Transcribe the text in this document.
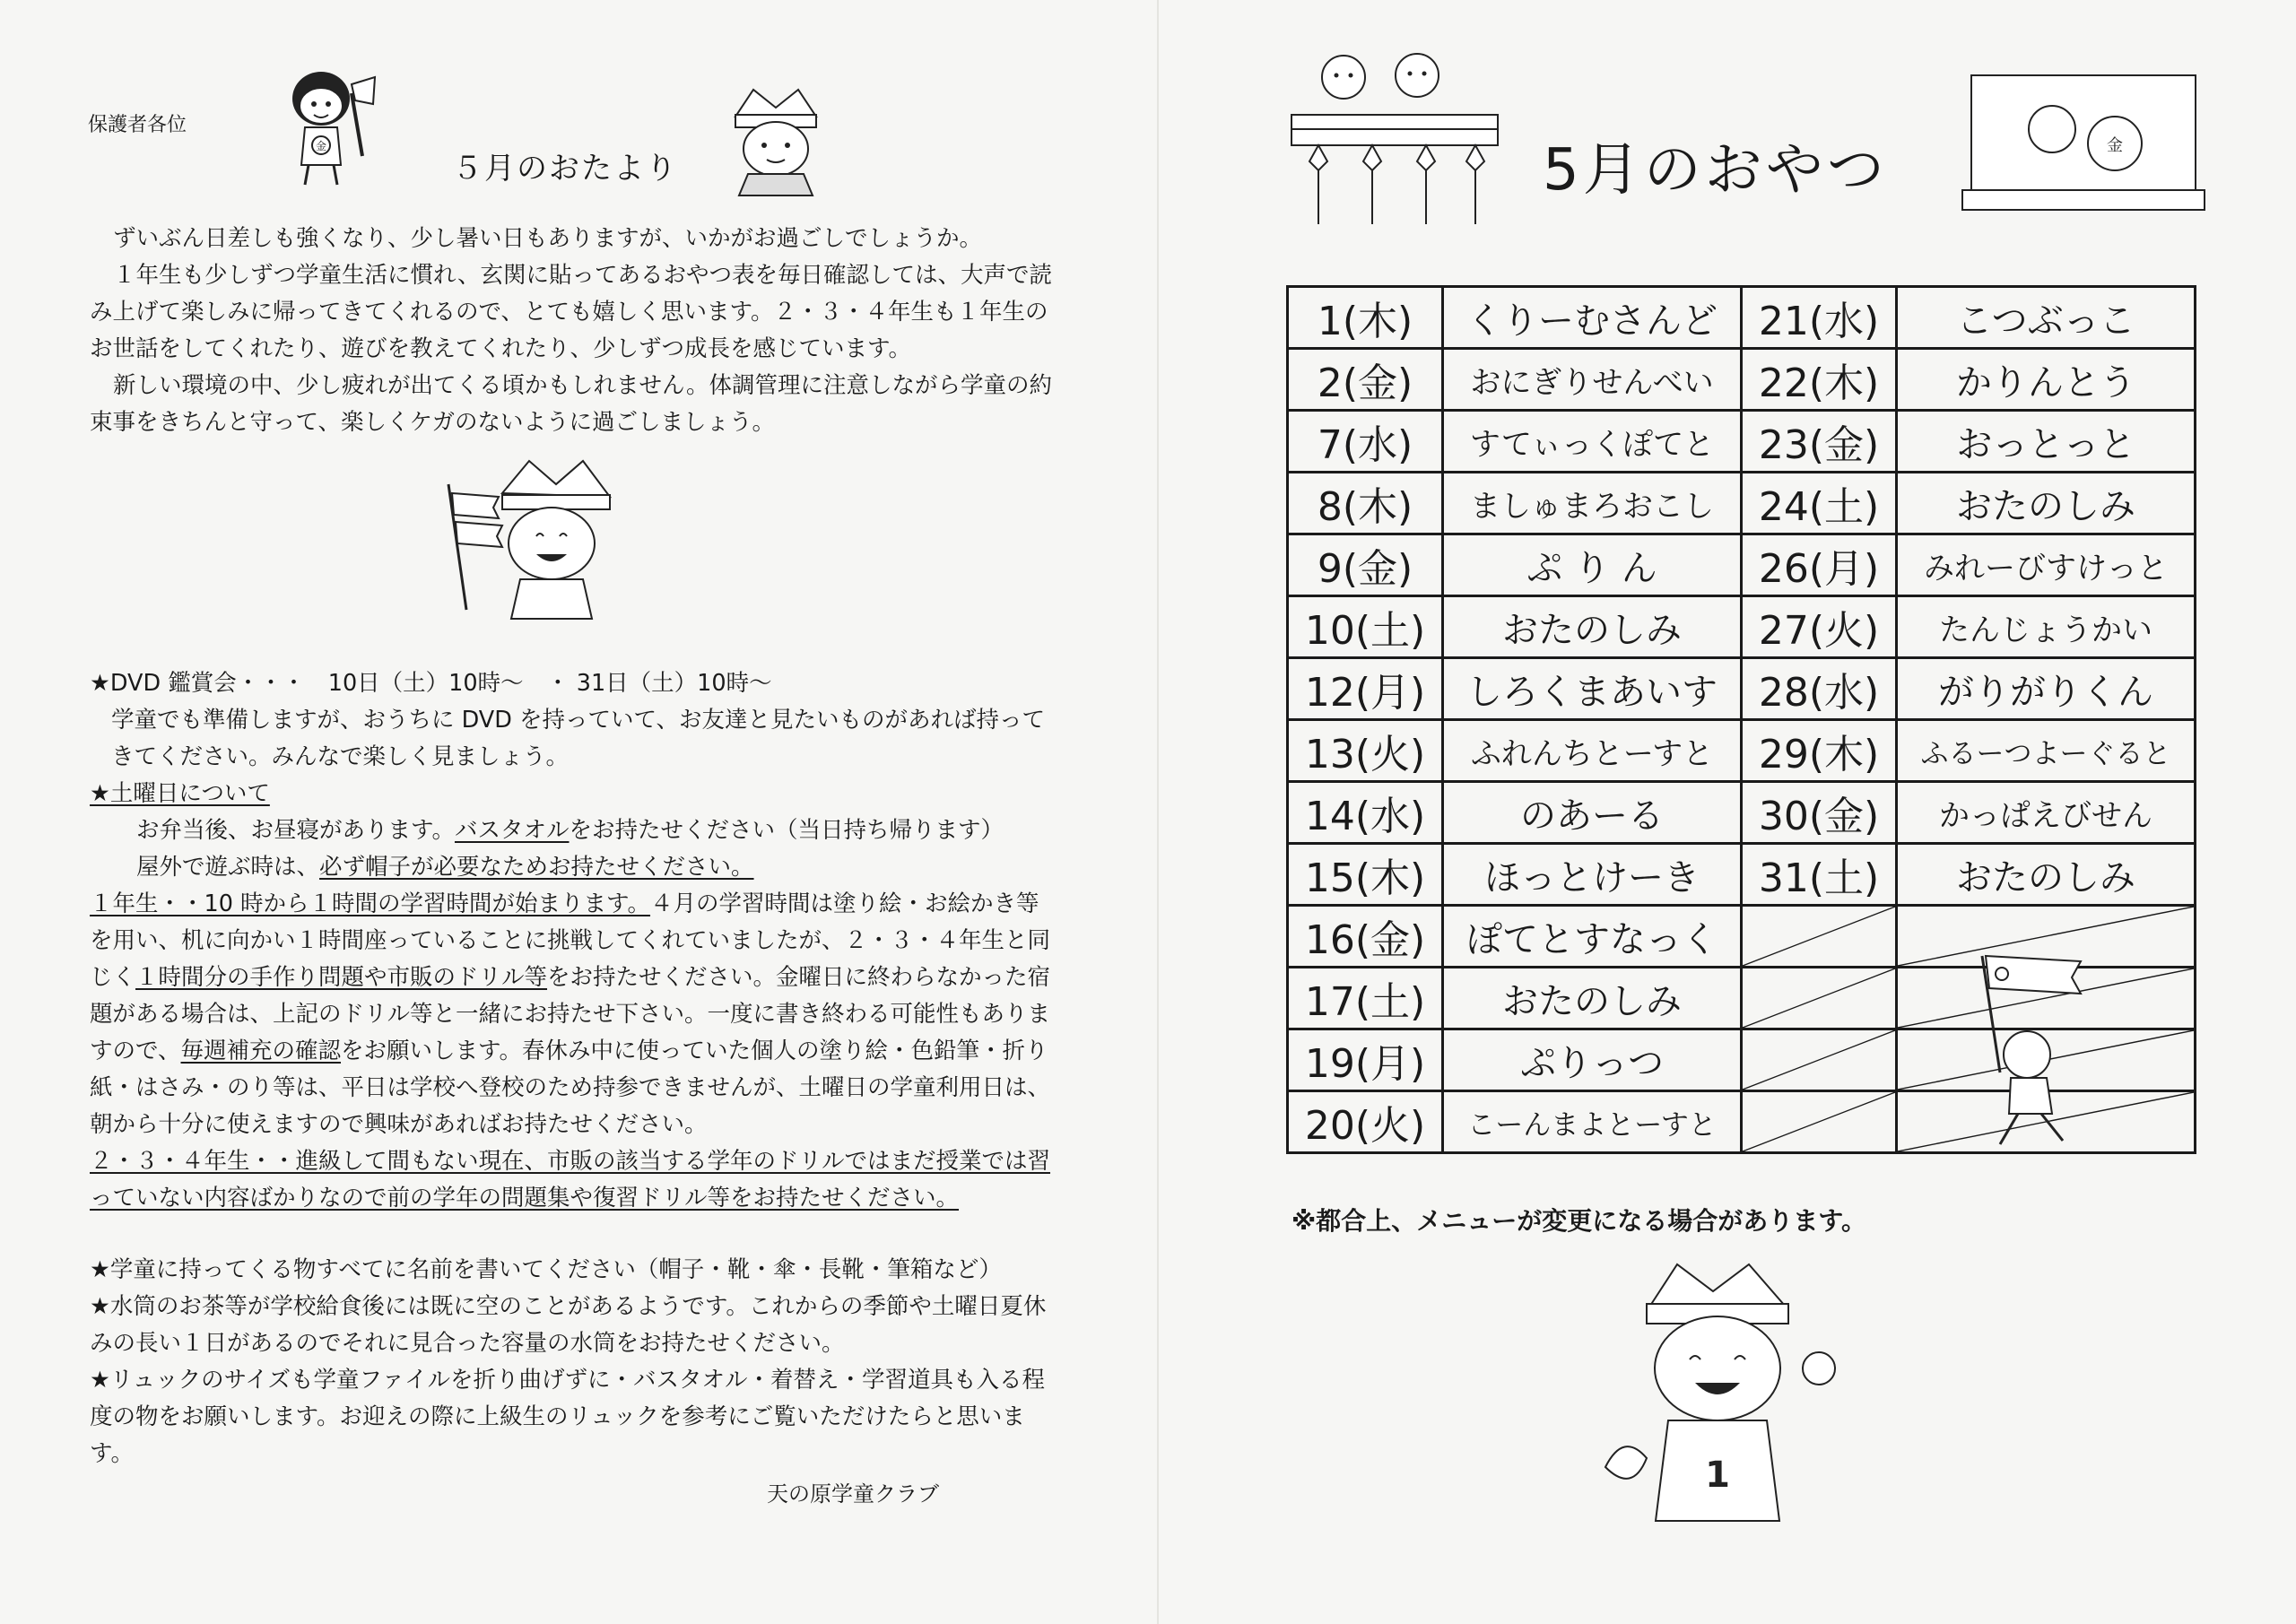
保護者各位
金
５月のおたより

ずいぶん日差しも強くなり、少し暑い日もありますが、いかがお過ごしでしょうか。
１年生も少しずつ学童生活に慣れ、玄関に貼ってあるおやつ表を毎日確認しては、大声で読み上げて楽しみに帰ってきてくれるので、とても嬉しく思います。２・３・４年生も１年生のお世話をしてくれたり、遊びを教えてくれたり、少しずつ成長を感じています。
新しい環境の中、少し疲れが出てくる頃かもしれません。体調管理に注意しながら学童の約束事をきちんと守って、楽しくケガのないように過ごしましょう。

★DVD 鑑賞会・・・　10日（土）10時～　・ 31日（土）10時～
学童でも準備しますが、おうちに DVD を持っていて、お友達と見たいものがあれば持ってきてください。みんなで楽しく見ましょう。
★土曜日について
お弁当後、お昼寝があります。バスタオルをお持たせください（当日持ち帰ります）
屋外で遊ぶ時は、必ず帽子が必要なためお持たせください。
１年生・・10 時から１時間の学習時間が始まります。４月の学習時間は塗り絵・お絵かき等を用い、机に向かい１時間座っていることに挑戦してくれていましたが、２・３・４年生と同じく１時間分の手作り問題や市販のドリル等をお持たせください。金曜日に終わらなかった宿題がある場合は、上記のドリル等と一緒にお持たせ下さい。一度に書き終わる可能性もありますので、毎週補充の確認をお願いします。春休み中に使っていた個人の塗り絵・色鉛筆・折り紙・はさみ・のり等は、平日は学校へ登校のため持参できませんが、土曜日の学童利用日は、朝から十分に使えますので興味があればお持たせください。
２・３・４年生・・進級して間もない現在、市販の該当する学年のドリルではまだ授業では習っていない内容ばかりなので前の学年の問題集や復習ドリル等をお持たせください。
★学童に持ってくる物すべてに名前を書いてください（帽子・靴・傘・長靴・筆箱など）
★水筒のお茶等が学校給食後には既に空のことがあるようです。これからの季節や土曜日夏休みの長い１日があるのでそれに見合った容量の水筒をお持たせください。
★リュックのサイズも学童ファイルを折り曲げずに・バスタオル・着替え・学習道具も入る程度の物をお願いします。お迎えの際に上級生のリュックを参考にご覧いただけたらと思います。
天の原学童クラブ
5月のおやつ	金
1(木)	くりーむさんど	21(水)	こつぶっこ
2(金)	おにぎりせんべい	22(木)	かりんとう
7(水)	すてぃっくぽてと	23(金)	おっとっと
8(木)	ましゅまろおこし	24(土)	おたのしみ
9(金)	ぷ り ん	26(月)	みれーびすけっと
10(土)	おたのしみ	27(火)	たんじょうかい
12(月)	しろくまあいす	28(水)	がりがりくん
13(火)	ふれんちとーすと	29(木)	ふるーつよーぐると
14(水)	のあーる	30(金)	かっぱえびせん
15(木)	ほっとけーき	31(土)	おたのしみ
16(金)	ぽてとすなっく	

17(土)	おたのしみ	

19(月)	ぷりっつ	

20(火)	こーんまよとーすと	

※都合上、メニューが変更になる場合があります。
1
